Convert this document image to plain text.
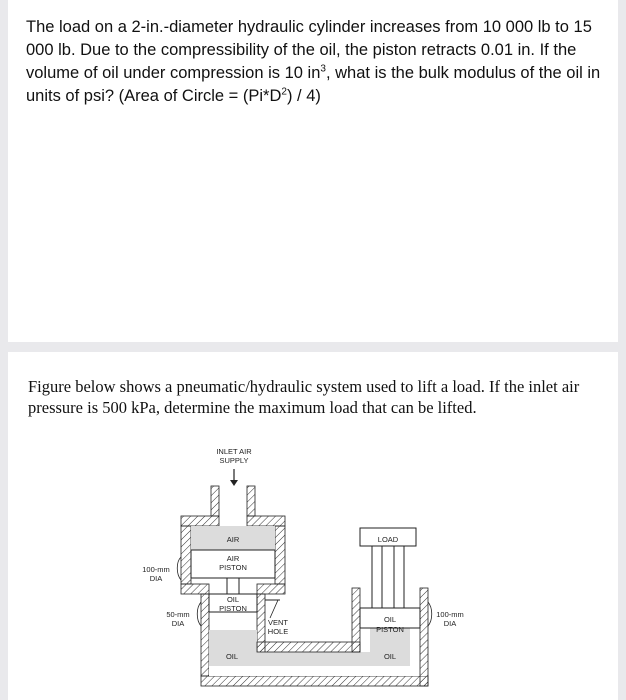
The load on a 2-in.-diameter hydraulic cylinder increases from 10 000 lb to 15 000 lb. Due to the compressibility of the oil, the piston retracts 0.01 in. If the volume of oil under compression is 10 $in^3$, what is the bulk modulus of the oil in units of psi? (Area of Circle = $(Pi*D^2) / 4$)

Figure below shows a pneumatic/hydraulic system used to lift a load. If the inlet air pressure is 500 kPa, determine the maximum load that can be lifted.

INLET AIR
SUPPLY
AIR
AIR
PISTON
100-mm
DIA
OIL
PISTON
50-mm
DIA	VENT
HOLE
OIL
LOAD
OIL
PISTON
OIL
100-mm
DIA
